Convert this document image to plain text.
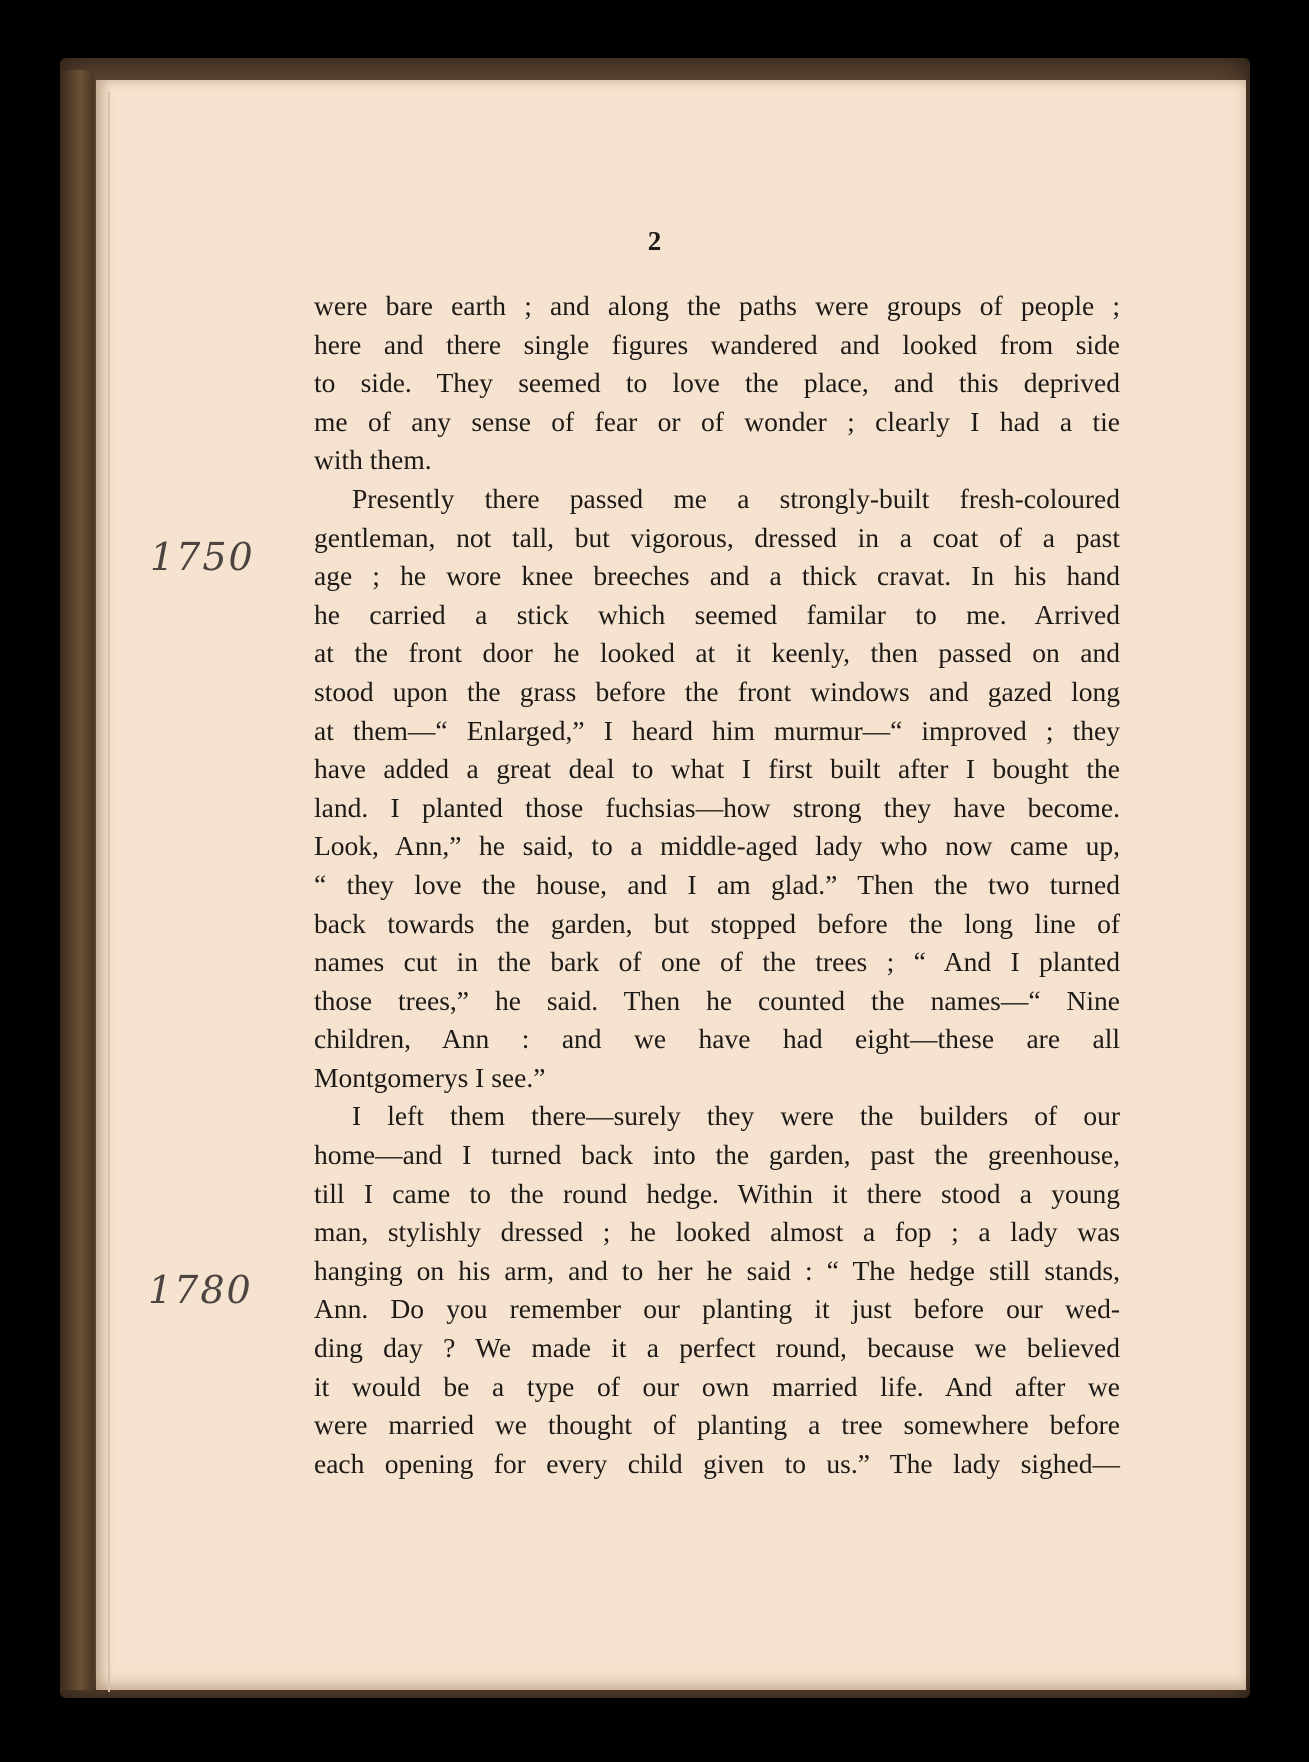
2
1750
1780
were bare earth ; and along the paths were groups of people ;
here and there single figures wandered and looked from side
to side. They seemed to love the place, and this deprived
me of any sense of fear or of wonder ; clearly I had a tie
with them.
Presently there passed me a strongly-built fresh-coloured
gentleman, not tall, but vigorous, dressed in a coat of a past
age ; he wore knee breeches and a thick cravat. In his hand
he carried a stick which seemed familar to me. Arrived
at the front door he looked at it keenly, then passed on and
stood upon the grass before the front windows and gazed long
at them—“ Enlarged,” I heard him murmur—“ improved ; they
have added a great deal to what I first built after I bought the
land. I planted those fuchsias—how strong they have become.
Look, Ann,” he said, to a middle-aged lady who now came up,
“ they love the house, and I am glad.” Then the two turned
back towards the garden, but stopped before the long line of
names cut in the bark of one of the trees ; “ And I planted
those trees,” he said. Then he counted the names—“ Nine
children, Ann : and we have had eight—these are all
Montgomerys I see.”
I left them there—surely they were the builders of our
home—and I turned back into the garden, past the greenhouse,
till I came to the round hedge. Within it there stood a young
man, stylishly dressed ; he looked almost a fop ; a lady was
hanging on his arm, and to her he said : “ The hedge still stands,
Ann. Do you remember our planting it just before our wed-
ding day ? We made it a perfect round, because we believed
it would be a type of our own married life. And after we
were married we thought of planting a tree somewhere before
each opening for every child given to us.” The lady sighed—
